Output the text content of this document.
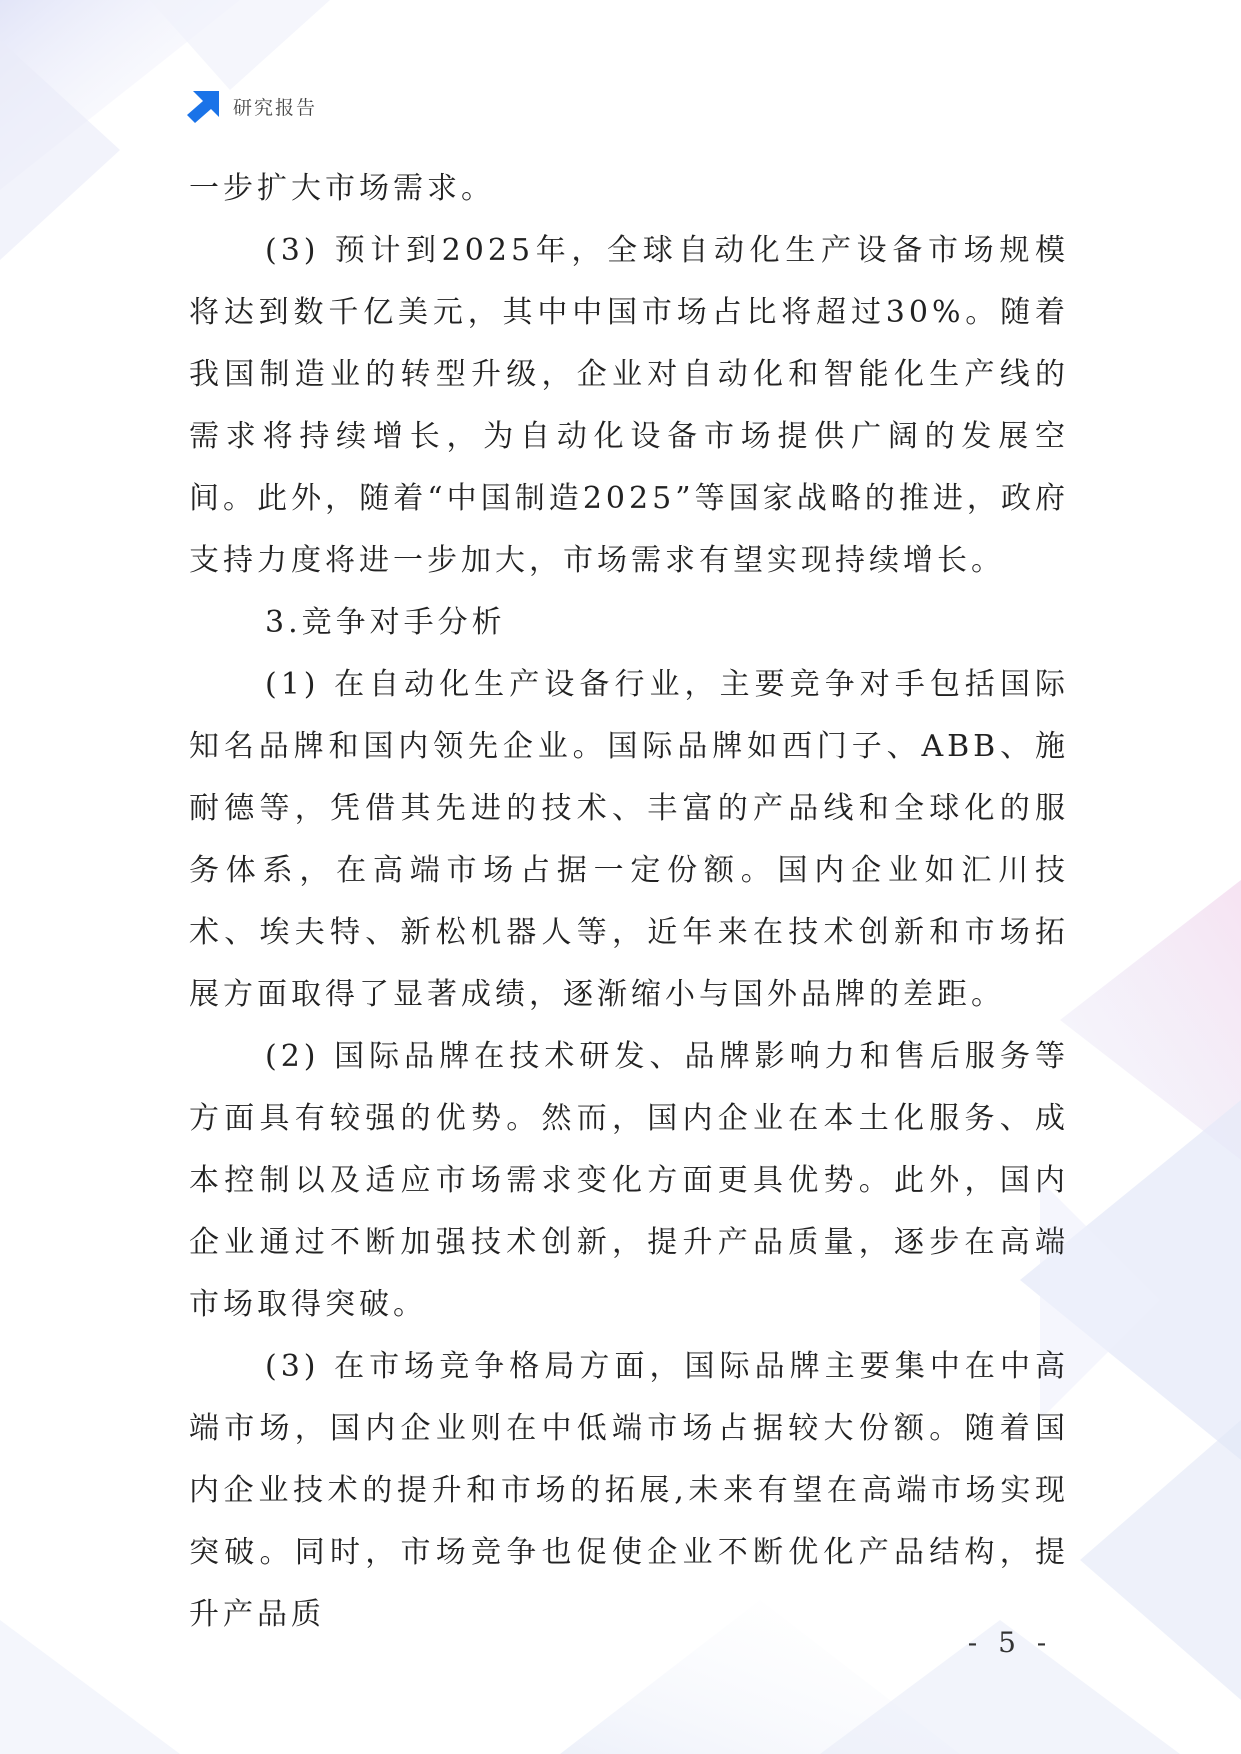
研究报告

一步扩大市场需求。

(3) 预计到2025年，全球自动化生产设备市场规模将达到数千亿美元，其中中国市场占比将超过30%。随着我国制造业的转型升级，企业对自动化和智能化生产线的需求将持续增长，为自动化设备市场提供广阔的发展空间。此外，随着“中国制造2025”等国家战略的推进，政府支持力度将进一步加大，市场需求有望实现持续增长。

3.竞争对手分析

(1) 在自动化生产设备行业，主要竞争对手包括国际知名品牌和国内领先企业。国际品牌如西门子、ABB、施耐德等，凭借其先进的技术、丰富的产品线和全球化的服务体系，在高端市场占据一定份额。国内企业如汇川技术、埃夫特、新松机器人等，近年来在技术创新和市场拓展方面取得了显著成绩，逐渐缩小与国外品牌的差距。

(2) 国际品牌在技术研发、品牌影响力和售后服务等方面具有较强的优势。然而，国内企业在本土化服务、成本控制以及适应市场需求变化方面更具优势。此外，国内企业通过不断加强技术创新，提升产品质量，逐步在高端市场取得突破。

(3) 在市场竞争格局方面，国际品牌主要集中在中高端市场，国内企业则在中低端市场占据较大份额。随着国内企业技术的提升和市场的拓展,未来有望在高端市场实现突破。同时，市场竞争也促使企业不断优化产品结构，提升产品质

- 5 -
